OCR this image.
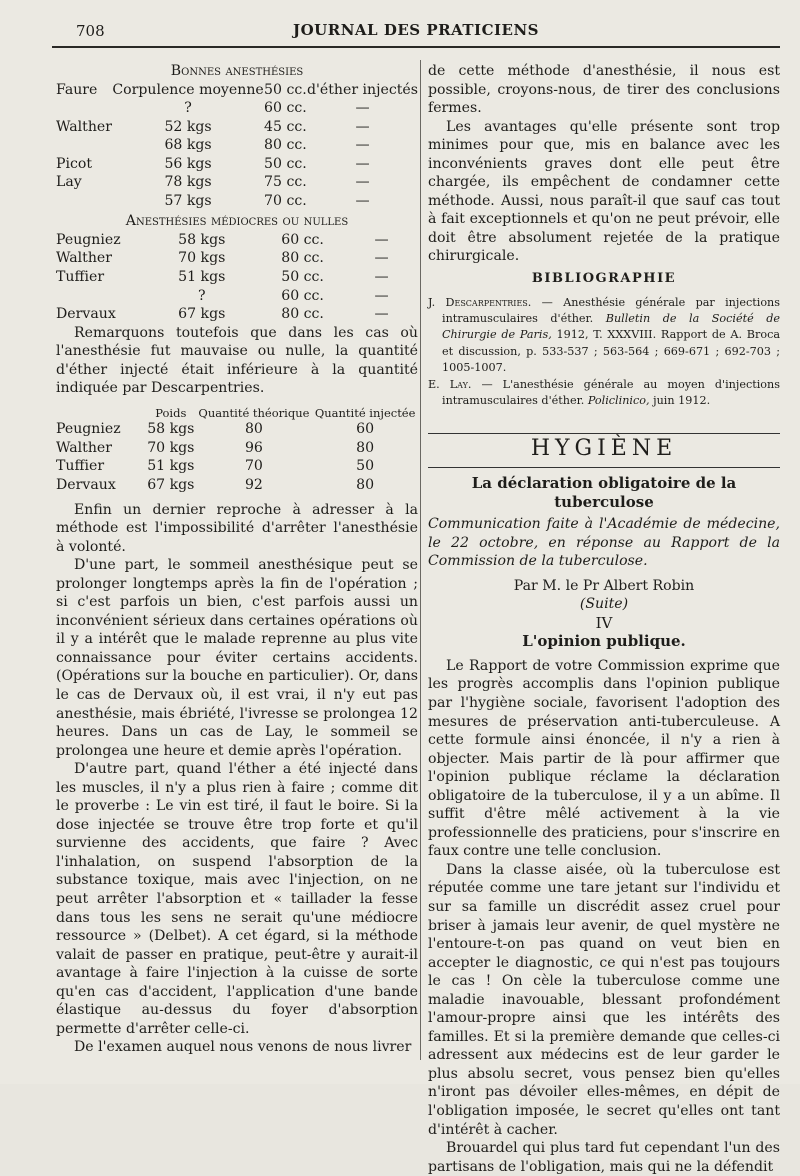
708	JOURNAL DES PRATICIENS
Bonnes anesthésies
Faure	Corpulence moyenne	50 cc.	d'éther injectés
	?	60 cc.	—
Walther	52 kgs	45 cc.	—
	68 kgs	80 cc.	—
Picot	56 kgs	50 cc.	—
Lay	78 kgs	75 cc.	—
	57 kgs	70 cc.	—
Anesthésies médiocres ou nulles
Peugniez	58 kgs	60 cc.	—
Walther	70 kgs	80 cc.	—
Tuffier	51 kgs	50 cc.	—
	?	60 cc.	—
Dervaux	67 kgs	80 cc.	—

Remarquons toutefois que dans les cas où l'anesthésie fut mauvaise ou nulle, la quantité d'éther injecté était inférieure à la quantité indiquée par Descarpentries.

	Poids	Quantité théorique	Quantité injectée
Peugniez	58 kgs	80	60
Walther	70 kgs	96	80
Tuffier	51 kgs	70	50
Dervaux	67 kgs	92	80

Enfin un dernier reproche à adresser à la méthode est l'impossibilité d'arrêter l'anesthésie à volonté.

D'une part, le sommeil anesthésique peut se prolonger longtemps après la fin de l'opération ; si c'est parfois un bien, c'est parfois aussi un inconvénient sérieux dans certaines opérations où il y a intérêt que le malade reprenne au plus vite connaissance pour éviter certains accidents. (Opérations sur la bouche en particulier). Or, dans le cas de Dervaux où, il est vrai, il n'y eut pas anesthésie, mais ébriété, l'ivresse se prolongea 12 heures. Dans un cas de Lay, le sommeil se prolongea une heure et demie après l'opération.

D'autre part, quand l'éther a été injecté dans les muscles, il n'y a plus rien à faire ; comme dit le proverbe : Le vin est tiré, il faut le boire. Si la dose injectée se trouve être trop forte et qu'il survienne des accidents, que faire ? Avec l'inhalation, on suspend l'absorption de la substance toxique, mais avec l'injection, on ne peut arrêter l'absorption et « taillader la fesse dans tous les sens ne serait qu'une médiocre ressource » (Delbet). A cet égard, si la méthode valait de passer en pratique, peut-être y aurait-il avantage à faire l'injection à la cuisse de sorte qu'en cas d'accident, l'application d'une bande élastique au-dessus du foyer d'absorption permette d'arrêter celle-ci.

De l'examen auquel nous venons de nous livrer

de cette méthode d'anesthésie, il nous est possible, croyons-nous, de tirer des conclusions fermes.

Les avantages qu'elle présente sont trop minimes pour que, mis en balance avec les inconvénients graves dont elle peut être chargée, ils empêchent de condamner cette méthode. Aussi, nous paraît-il que sauf cas tout à fait exceptionnels et qu'on ne peut prévoir, elle doit être absolument rejetée de la pratique chirurgicale.

BIBLIOGRAPHIE

J. Descarpentries. — Anesthésie générale par injections intramusculaires d'éther. Bulletin de la Société de Chirurgie de Paris, 1912, T. XXXVIII. Rapport de A. Broca et discussion, p. 533-537 ; 563-564 ; 669-671 ; 692-703 ; 1005-1007.

E. Lay. — L'anesthésie générale au moyen d'injections intramusculaires d'éther. Policlinico, juin 1912.

HYGIÈNE
La déclaration obligatoire de la tuberculose
Communication faite à l'Académie de médecine, le 22 octobre, en réponse au Rapport de la Commission de la tuberculose.
Par M. le Pr Albert Robin
(Suite)
IV
L'opinion publique.

Le Rapport de votre Commission exprime que les progrès accomplis dans l'opinion publique par l'hygiène sociale, favorisent l'adoption des mesures de préservation anti-tuberculeuse. A cette formule ainsi énoncée, il n'y a rien à objecter. Mais partir de là pour affirmer que l'opinion publique réclame la déclaration obligatoire de la tuberculose, il y a un abîme. Il suffit d'être mêlé activement à la vie professionnelle des praticiens, pour s'inscrire en faux contre une telle conclusion.

Dans la classe aisée, où la tuberculose est réputée comme une tare jetant sur l'individu et sur sa famille un discrédit assez cruel pour briser à jamais leur avenir, de quel mystère ne l'entoure-t-on pas quand on veut bien en accepter le diagnostic, ce qui n'est pas toujours le cas ! On cèle la tuberculose comme une maladie inavouable, blessant profondément l'amour-propre ainsi que les intérêts des familles. Et si la première demande que celles-ci adressent aux médecins est de leur garder le plus absolu secret, vous pensez bien qu'elles n'iront pas dévoiler elles-mêmes, en dépit de l'obligation imposée, le secret qu'elles ont tant d'intérêt à cacher.

Brouardel qui plus tard fut cependant l'un des partisans de l'obligation, mais qui ne la défendit
